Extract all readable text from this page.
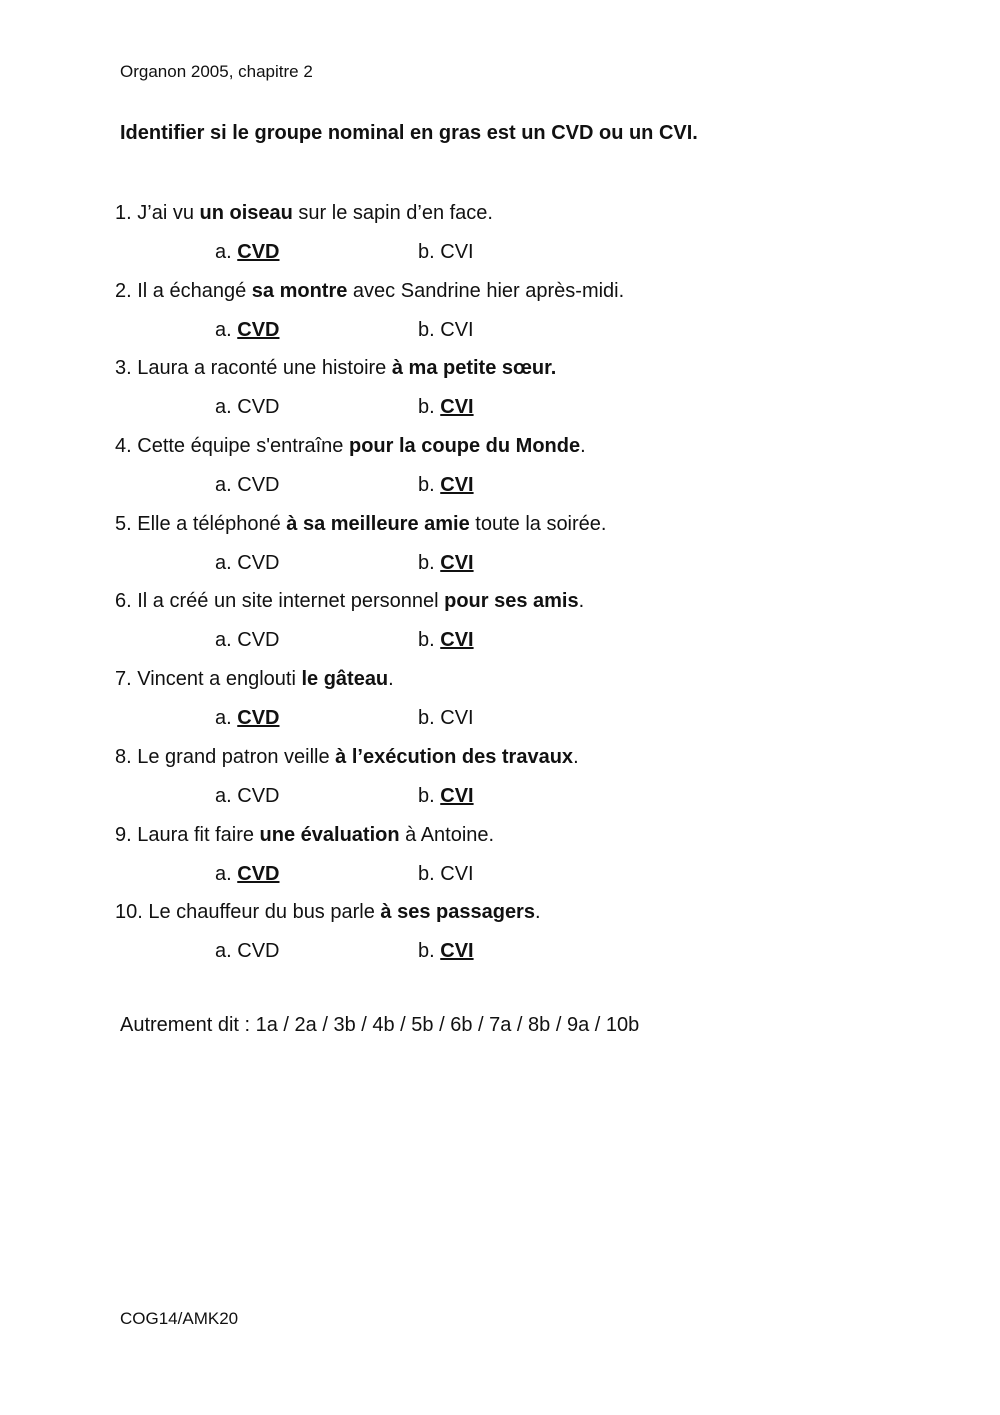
Organon 2005, chapitre 2
Identifier si le groupe nominal en gras est un CVD ou un CVI.
1. J’ai vu un oiseau sur le sapin d’en face.
a. CVD	b. CVI
2. Il a échangé sa montre avec Sandrine hier après-midi.
a. CVD	b. CVI
3. Laura a raconté une histoire à ma petite sœur.
a. CVD	b. CVI
4. Cette équipe s'entraîne pour la coupe du Monde.
a. CVD	b. CVI
5. Elle a téléphoné à sa meilleure amie toute la soirée.
a. CVD	b. CVI
6. Il a créé un site internet personnel pour ses amis.
a. CVD	b. CVI
7. Vincent a englouti le gâteau.
a. CVD	b. CVI
8. Le grand patron veille à l’exécution des travaux.
a. CVD	b. CVI
9. Laura fit faire une évaluation à Antoine.
a. CVD	b. CVI
10. Le chauffeur du bus parle à ses passagers.
a. CVD	b. CVI
Autrement dit : 1a / 2a / 3b / 4b / 5b / 6b / 7a / 8b / 9a / 10b
COG14/AMK20
